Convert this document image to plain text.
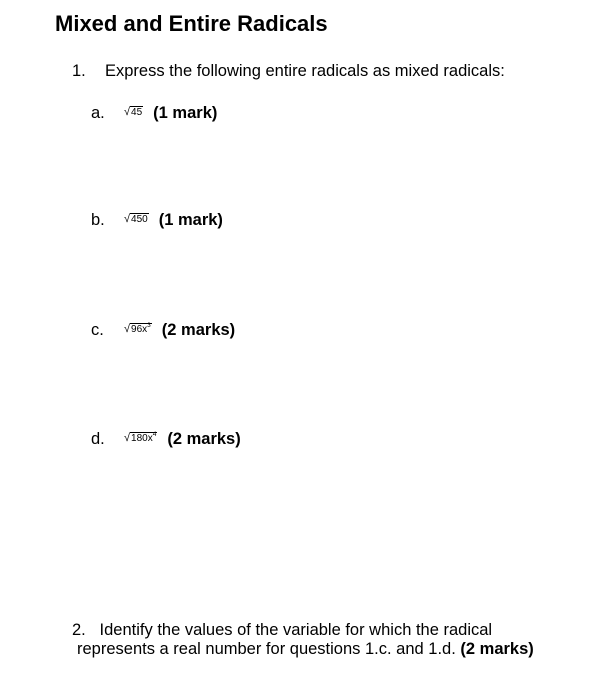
Mixed and Entire Radicals
1. Express the following entire radicals as mixed radicals:
a. √45 (1 mark)
b. √450 (1 mark)
c. $√96x^3$ (2 marks)
d. $√180x^4$ (2 marks)
2. Identify the values of the variable for which the radical
represents a real number for questions 1.c. and 1.d. (2 marks)
